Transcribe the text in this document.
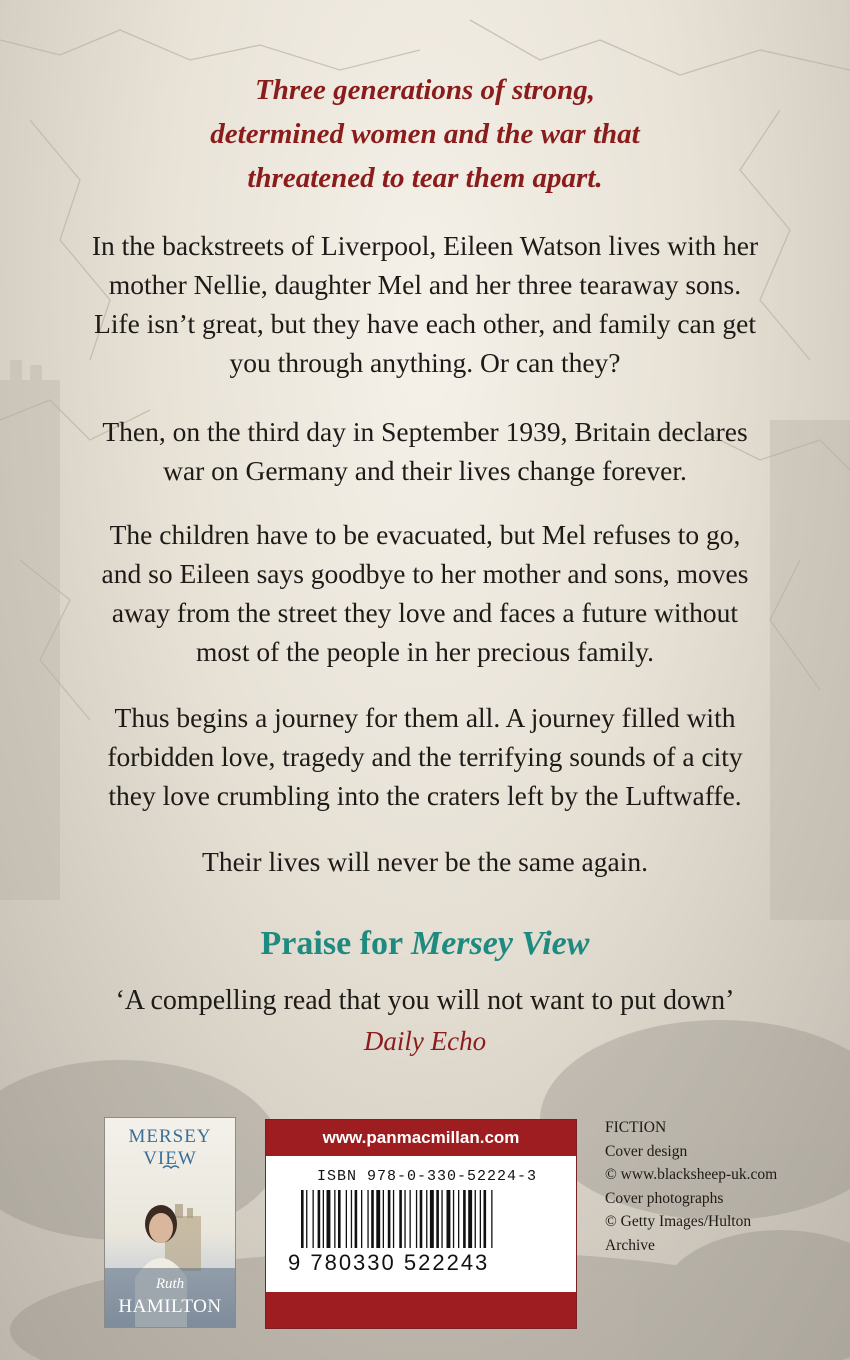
Three generations of strong,
determined women and the war that
threatened to tear them apart.

In the backstreets of Liverpool, Eileen Watson lives with her
mother Nellie, daughter Mel and her three tearaway sons.
Life isn’t great, but they have each other, and family can get
you through anything. Or can they?

Then, on the third day in September 1939, Britain declares
war on Germany and their lives change forever.

The children have to be evacuated, but Mel refuses to go,
and so Eileen says goodbye to her mother and sons, moves
away from the street they love and faces a future without
most of the people in her precious family.

Thus begins a journey for them all. A journey filled with
forbidden love, tragedy and the terrifying sounds of a city
they love crumbling into the craters left by the Luftwaffe.

Their lives will never be the same again.

Praise for Mersey View
‘A compelling read that you will not want to put down’
Daily Echo
MERSEY
VIEW
Ruth
HAMILTON
www.panmacmillan.com
ISBN 978-0-330-52224-3
9 780330 522243
FICTION
Cover design
© www.blacksheep-uk.com
Cover photographs
© Getty Images/Hulton
Archive
